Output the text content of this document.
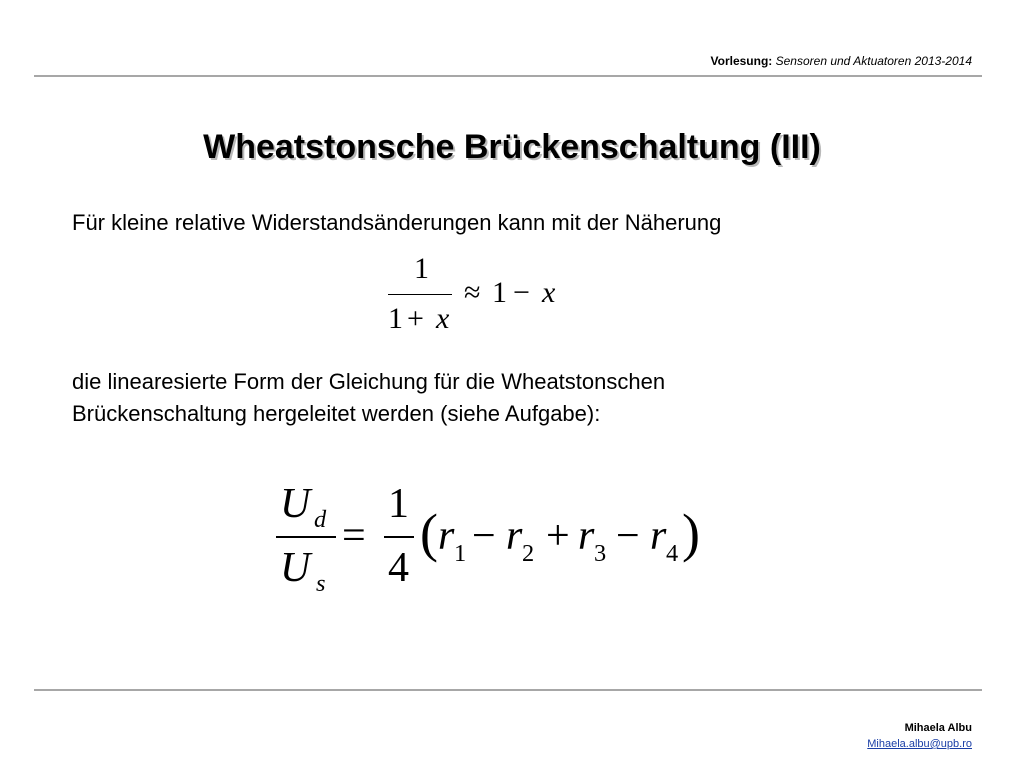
Vorlesung: Sensoren und Aktuatoren 2013-2014
Wheatstonsche Brückenschaltung (III)
Für kleine relative Widerstandsänderungen kann mit der Näherung
1
1 + x
≈ 1 − x
die linearesierte Form der Gleichung für die Wheatstonschen
Brückenschaltung hergeleitet werden (siehe Aufgabe):
U d
U s
=
1
4
( r 1 − r 2 + r 3 − r 4 )
Mihaela Albu
Mihaela.albu@upb.ro
